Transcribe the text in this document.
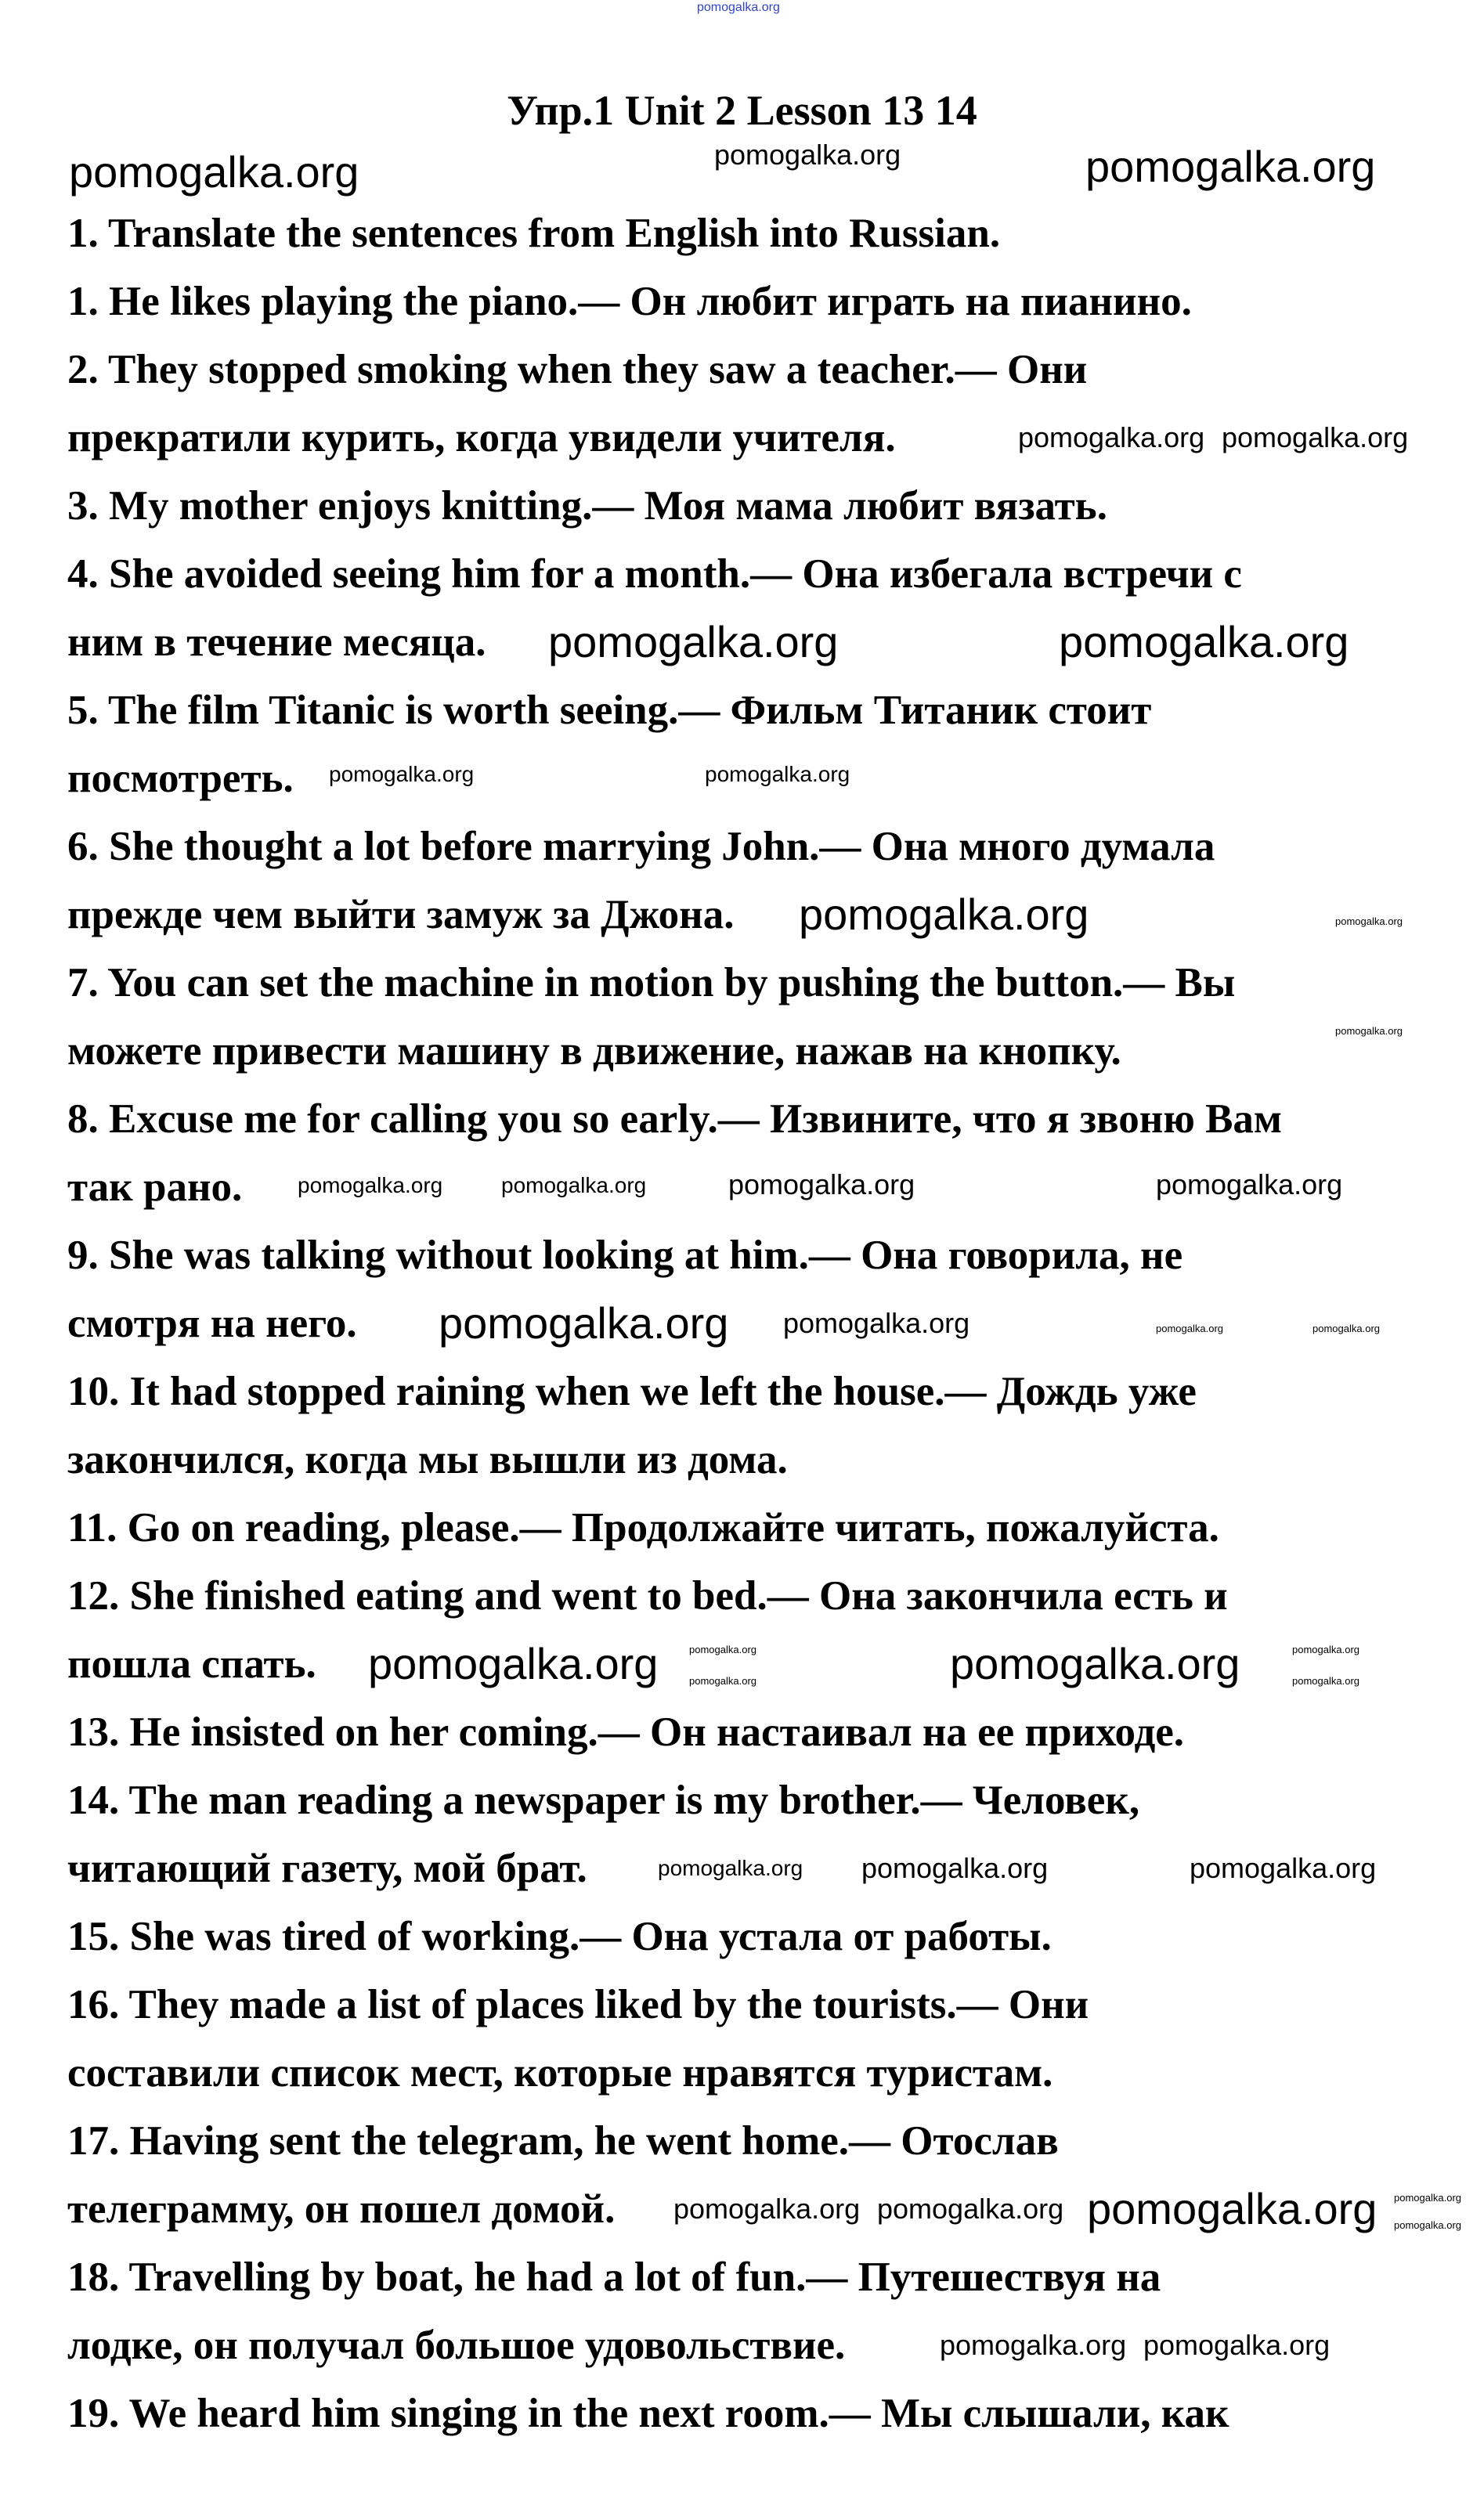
pomogalka.org
Упр.1 Unit 2 Lesson 13 14
1. Translate the sentences from English into Russian.
1. He likes playing the piano.— Он любит играть на пианино.
2. They stopped smoking when they saw a teacher.— Они
прекратили курить, когда увидели учителя.
3. My mother enjoys knitting.— Моя мама любит вязать.
4. She avoided seeing him for a month.— Она избегала встречи с
ним в течение месяца.
5. The film Titanic is worth seeing.— Фильм Титаник стоит
посмотреть.
6. She thought a lot before marrying John.— Она много думала
прежде чем выйти замуж за Джона.
7. You can set the machine in motion by pushing the button.— Вы
можете привести машину в движение, нажав на кнопку.
8. Excuse me for calling you so early.— Извините, что я звоню Вам
так рано.
9. She was talking without looking at him.— Она говорила, не
смотря на него.
10. It had stopped raining when we left the house.— Дождь уже
закончился, когда мы вышли из дома.
11. Go on reading, please.— Продолжайте читать, пожалуйста.
12. She finished eating and went to bed.— Она закончила есть и
пошла спать.
13. He insisted on her coming.— Он настаивал на ее приходе.
14. The man reading a newspaper is my brother.— Человек,
читающий газету, мой брат.
15. She was tired of working.— Она устала от работы.
16. They made a list of places liked by the tourists.— Они
составили список мест, которые нравятся туристам.
17. Having sent the telegram, he went home.— Отослав
телеграмму, он пошел домой.
18. Travelling by boat, he had a lot of fun.— Путешествуя на
лодке, он получал большое удовольствие.
19. We heard him singing in the next room.— Мы слышали, как
pomogalka.org
pomogalka.org	pomogalka.org
pomogalka.org pomogalka.org
pomogalka.org	pomogalka.org
pomogalka.org	pomogalka.org
pomogalka.org	pomogalka.org
pomogalka.org
pomogalka.org	pomogalka.org	pomogalka.org	pomogalka.org
pomogalka.org pomogalka.org	pomogalka.org	pomogalka.org
pomogalka.org	pomogalka.org
pomogalka.org	pomogalka.org	pomogalka.org
pomogalka.org
pomogalka.org pomogalka.org	pomogalka.org
pomogalka.org pomogalka.org pomogalka.org pomogalka.org
pomogalka.org
pomogalka.org pomogalka.org
